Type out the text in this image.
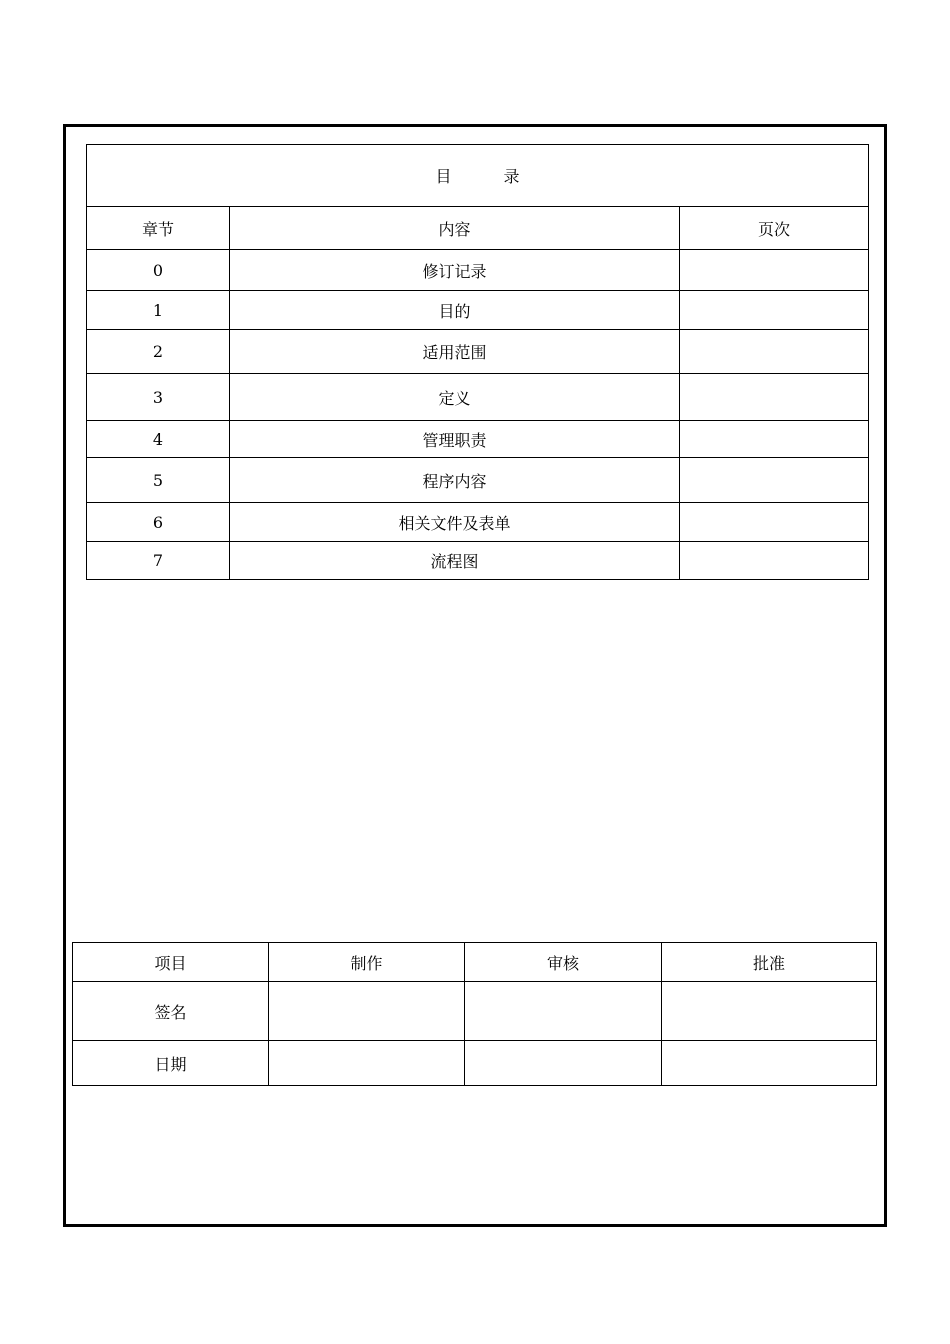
目 录		
章节	内容	页次
0	修订记录	
1	目的	
2	适用范围	
3	定义	
4	管理职责	
5	程序内容	
6	相关文件及表单	
7	流程图	
项目	制作	审核	批准
签名			
日期			
